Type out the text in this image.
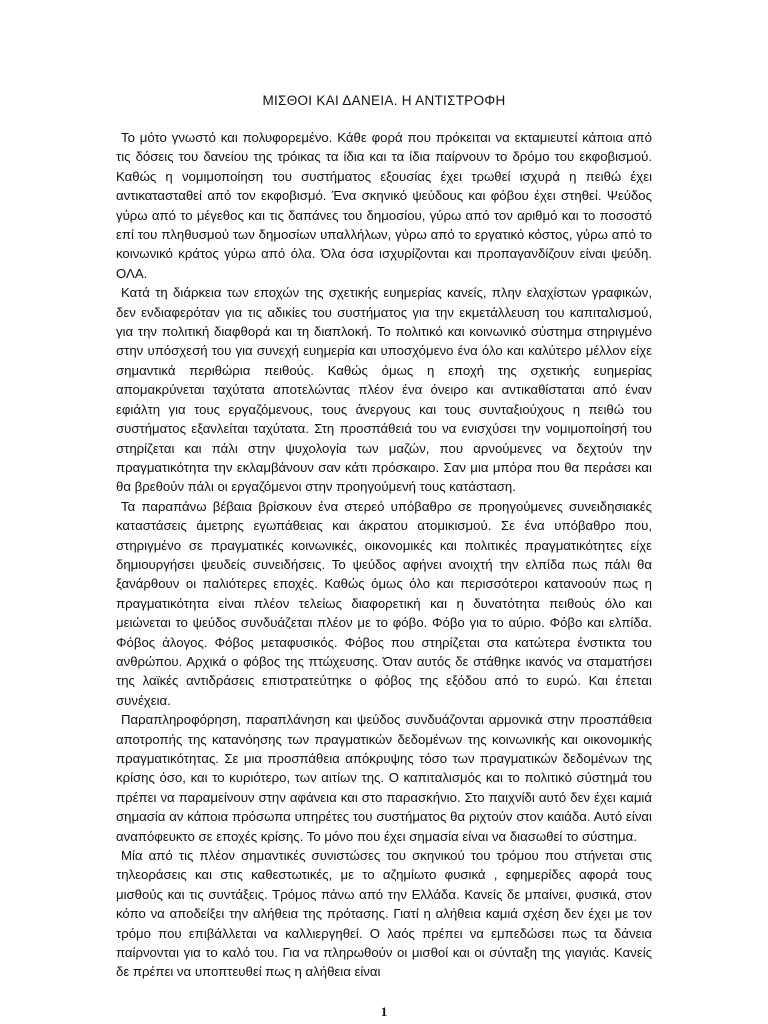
ΜΙΣΘΟΙ ΚΑΙ ΔΑΝΕΙΑ. Η ΑΝΤΙΣΤΡΟΦΗ

Το μότο γνωστό και πολυφορεμένο. Κάθε φορά που πρόκειται να εκταμιευτεί κάποια από τις δόσεις του δανείου της τρόικας τα ίδια και τα ίδια παίρνουν το δρόμο του εκφοβισμού. Καθώς η νομιμοποίηση του συστήματος εξουσίας έχει τρωθεί ισχυρά η πειθώ έχει αντικατασταθεί από τον εκφοβισμό. Ένα σκηνικό ψεύδους και φόβου έχει στηθεί. Ψεύδος γύρω από το μέγεθος και τις δαπάνες του δημοσίου, γύρω από τον αριθμό και το ποσοστό επί του πληθυσμού των δημοσίων υπαλλήλων, γύρω από το εργατικό κόστος, γύρω από το κοινωνικό κράτος γύρω από όλα. Όλα όσα ισχυρίζονται και προπαγανδίζουν είναι ψεύδη. ΟΛΑ.

Κατά τη διάρκεια των εποχών της σχετικής ευημερίας κανείς, πλην ελαχίστων γραφικών, δεν ενδιαφερόταν για τις αδικίες του συστήματος για την εκμετάλλευση του καπιταλισμού, για την πολιτική διαφθορά και τη διαπλοκή. Το πολιτικό και κοινωνικό σύστημα στηριγμένο στην υπόσχεσή του για συνεχή ευημερία και υποσχόμενο ένα όλο και καλύτερο μέλλον είχε σημαντικά περιθώρια πειθούς. Καθώς όμως η εποχή της σχετικής ευημερίας απομακρύνεται ταχύτατα αποτελώντας πλέον ένα όνειρο και αντικαθίσταται από έναν εφιάλτη για τους εργαζόμενους, τους άνεργους και τους συνταξιούχους η πειθώ του συστήματος εξανλείται ταχύτατα. Στη προσπάθειά του να ενισχύσει την νομιμοποίησή του στηρίζεται και πάλι στην ψυχολογία των μαζών, που αρνούμενες να δεχτούν την πραγματικότητα την εκλαμβάνουν σαν κάτι πρόσκαιρο. Σαν μια μπόρα που θα περάσει και θα βρεθούν πάλι οι εργαζόμενοι στην προηγούμενή τους κατάσταση.

Τα παραπάνω βέβαια βρίσκουν ένα στερεό υπόβαθρο σε προηγούμενες συνειδησιακές καταστάσεις άμετρης εγωπάθειας και άκρατου ατομικισμού. Σε ένα υπόβαθρο που, στηριγμένο σε πραγματικές κοινωνικές, οικονομικές και πολιτικές πραγματικότητες είχε δημιουργήσει ψευδείς συνειδήσεις. Το ψεύδος αφήνει ανοιχτή την ελπίδα πως πάλι θα ξανάρθουν οι παλιότερες εποχές. Καθώς όμως όλο και περισσότεροι κατανοούν πως η πραγματικότητα είναι πλέον τελείως διαφορετική και η δυνατότητα πειθούς όλο και μειώνεται το ψεύδος συνδυάζεται πλέον με το φόβο. Φόβο για το αύριο. Φόβο και ελπίδα. Φόβος άλογος. Φόβος μεταφυσικός. Φόβος που στηρίζεται στα κατώτερα ένστικτα του ανθρώπου. Αρχικά ο φόβος της πτώχευσης. Όταν αυτός δε στάθηκε ικανός να σταματήσει της λαϊκές αντιδράσεις επιστρατεύτηκε ο φόβος της εξόδου από το ευρώ. Και έπεται συνέχεια.

Παραπληροφόρηση, παραπλάνηση και ψεύδος συνδυάζονται αρμονικά στην προσπάθεια αποτροπής της κατανόησης των πραγματικών δεδομένων της κοινωνικής και οικονομικής πραγματικότητας. Σε μια προσπάθεια απόκρυψης τόσο των πραγματικών δεδομένων της κρίσης όσο, και το κυριότερο, των αιτίων της. Ο καπιταλισμός και το πολιτικό σύστημά του πρέπει να παραμείνουν στην αφάνεια και στο παρασκήνιο. Στο παιχνίδι αυτό δεν έχει καμιά σημασία αν κάποια πρόσωπα υπηρέτες του συστήματος θα ριχτούν στον καιάδα. Αυτό είναι αναπόφευκτο σε εποχές κρίσης. Το μόνο που έχει σημασία είναι να διασωθεί το σύστημα.

Μία από τις πλέον σημαντικές συνιστώσες του σκηνικού του τρόμου που στήνεται στις τηλεοράσεις και στις καθεστωτικές, με το αζημίωτο φυσικά , εφημερίδες αφορά τους μισθούς και τις συντάξεις. Τρόμος πάνω από την Ελλάδα. Κανείς δε μπαίνει, φυσικά, στον κόπο να αποδείξει την αλήθεια της πρότασης. Γιατί η αλήθεια καμιά σχέση δεν έχει με τον τρόμο που επιβάλλεται να καλλιεργηθεί. Ο λαός πρέπει να εμπεδώσει πως τα δάνεια παίρνονται για το καλό του. Για να πληρωθούν οι μισθοί και οι σύνταξη της γιαγιάς. Κανείς δε πρέπει να υποπτευθεί πως η αλήθεια είναι

1
